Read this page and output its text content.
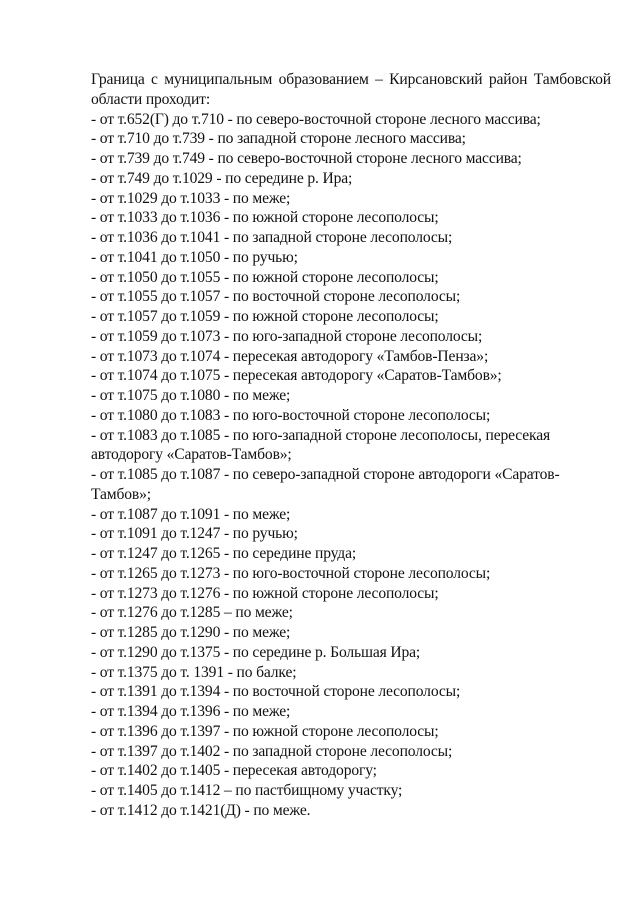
Граница с муниципальным образованием – Кирсановский район Тамбовской области проходит:

- от т.652(Г) до т.710 - по северо-восточной стороне лесного массива;
- от т.710 до т.739 - по западной стороне лесного массива;
- от т.739 до т.749 - по северо-восточной стороне лесного массива;
- от т.749 до т.1029 - по середине р. Ира;
- от т.1029 до т.1033 - по меже;
- от т.1033 до т.1036 - по южной стороне лесополосы;
- от т.1036 до т.1041 - по западной стороне лесополосы;
- от т.1041 до т.1050 - по ручью;
- от т.1050 до т.1055 - по южной стороне лесополосы;
- от т.1055 до т.1057 - по восточной стороне лесополосы;
- от т.1057 до т.1059 - по южной стороне лесополосы;
- от т.1059 до т.1073 - по юго-западной стороне лесополосы;
- от т.1073 до т.1074 - пересекая автодорогу «Тамбов-Пенза»;
- от т.1074 до т.1075 - пересекая автодорогу «Саратов-Тамбов»;
- от т.1075 до т.1080 - по меже;
- от т.1080 до т.1083 - по юго-восточной стороне лесополосы;
- от т.1083 до т.1085 - по юго-западной стороне лесополосы, пересекая автодорогу «Саратов-Тамбов»;
- от т.1085 до т.1087 - по северо-западной стороне автодороги «Саратов-Тамбов»;
- от т.1087 до т.1091 - по меже;
- от т.1091 до т.1247 - по ручью;
- от т.1247 до т.1265 - по середине пруда;
- от т.1265 до т.1273 - по юго-восточной стороне лесополосы;
- от т.1273 до т.1276 - по южной стороне лесополосы;
- от т.1276 до т.1285 – по меже;
- от т.1285 до т.1290 - по меже;
- от т.1290 до т.1375 - по середине р. Большая Ира;
- от т.1375 до т. 1391 - по балке;
- от т.1391 до т.1394 - по восточной стороне лесополосы;
- от т.1394 до т.1396 - по меже;
- от т.1396 до т.1397 - по южной стороне лесополосы;
- от т.1397 до т.1402 - по западной стороне лесополосы;
- от т.1402 до т.1405 - пересекая автодорогу;
- от т.1405 до т.1412 – по пастбищному участку;
- от т.1412 до т.1421(Д) - по меже.
